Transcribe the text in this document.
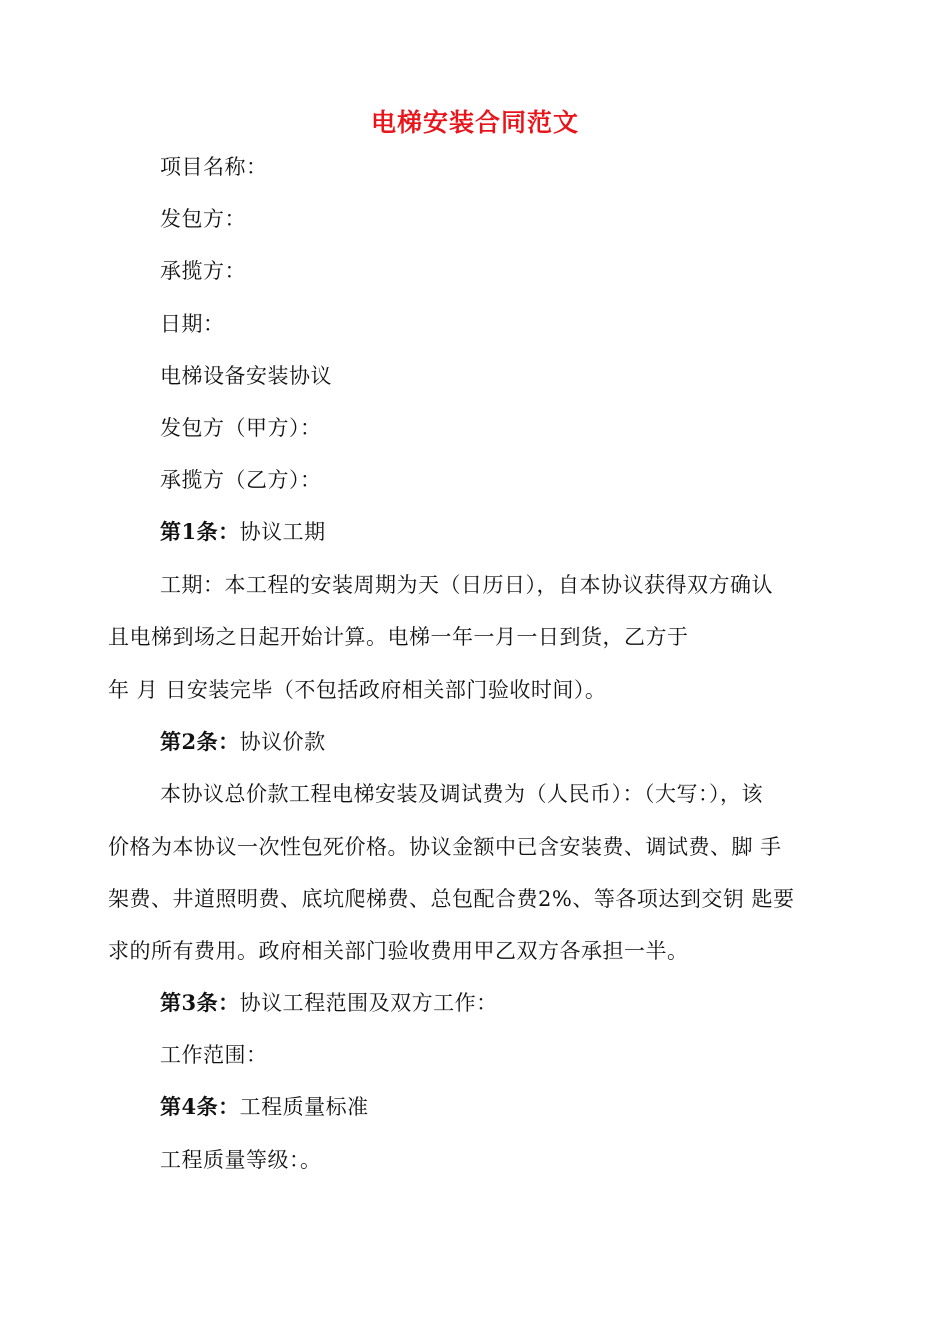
电梯安装合同范文
项目名称：
发包方：
承揽方：
日期：
电梯设备安装协议
发包方（甲方）：
承揽方（乙方）：
第1条：协议工期
工期：本工程的安装周期为天（日历日），自本协议获得双方确认
且电梯到场之日起开始计算。电梯一年一月一日到货，乙方于
年 月 日安装完毕（不包括政府相关部门验收时间）。
第2条：协议价款
本协议总价款工程电梯安装及调试费为（人民币）：（大写：），该
价格为本协议一次性包死价格。协议金额中已含安装费、调试费、脚 手
架费、井道照明费、底坑爬梯费、总包配合费2%、等各项达到交钥 匙要
求的所有费用。政府相关部门验收费用甲乙双方各承担一半。
第3条：协议工程范围及双方工作：
工作范围：
第4条：工程质量标准
工程质量等级：。
